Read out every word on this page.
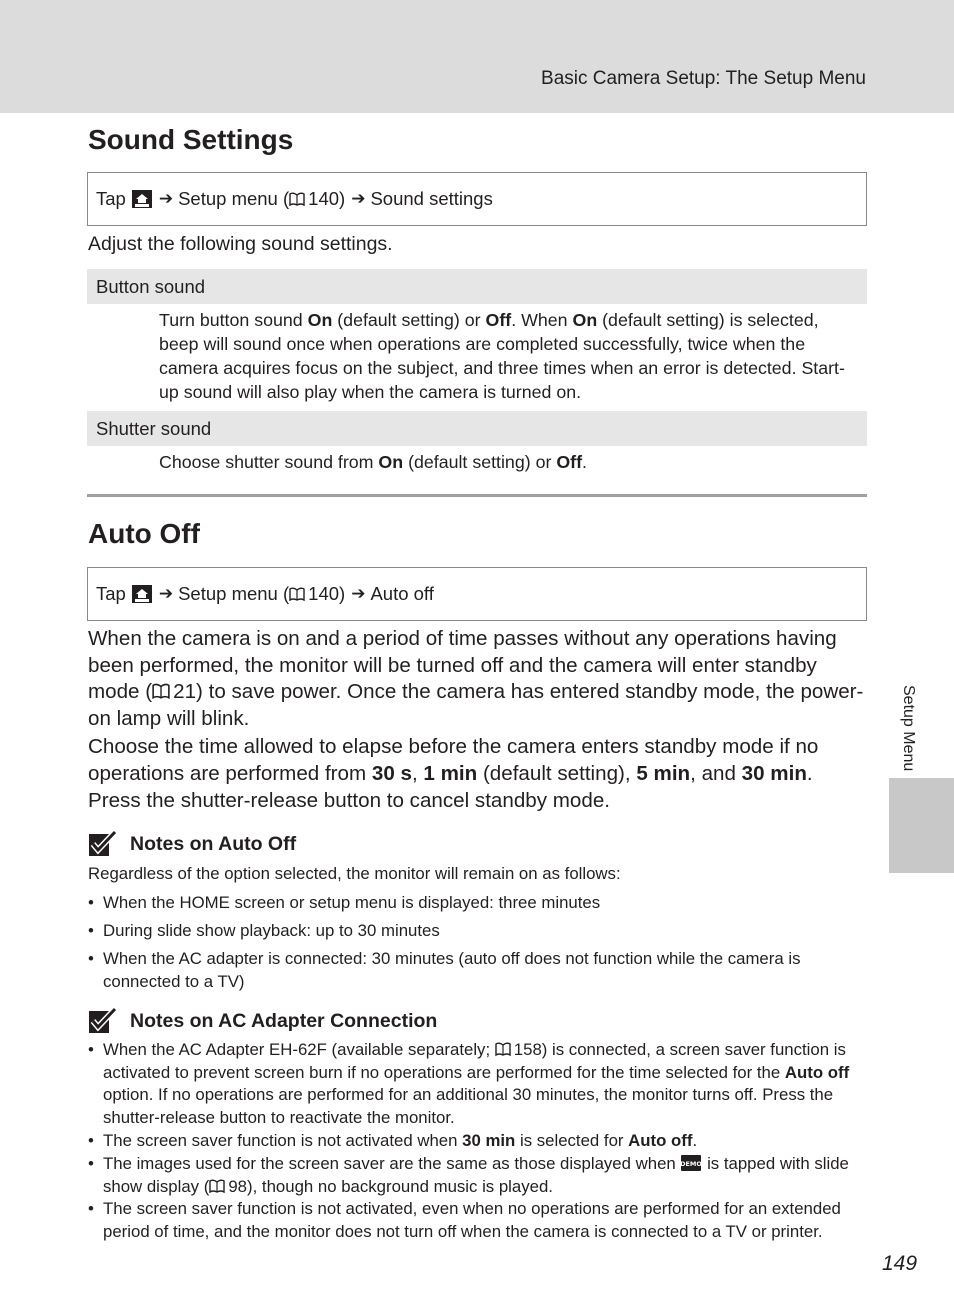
Basic Camera Setup: The Setup Menu
Sound Settings
Tap ➔ Setup menu ( 140) ➔ Sound settings
Adjust the following sound settings.
Button sound
Turn button sound On (default setting) or Off. When On (default setting) is selected, beep will sound once when operations are completed successfully, twice when the camera acquires focus on the subject, and three times when an error is detected. Start-up sound will also play when the camera is turned on.
Shutter sound
Choose shutter sound from On (default setting) or Off.
Auto Off
Tap ➔ Setup menu ( 140) ➔ Auto off
When the camera is on and a period of time passes without any operations having been performed, the monitor will be turned off and the camera will enter standby mode ( 21) to save power. Once the camera has entered standby mode, the power-on lamp will blink.
Choose the time allowed to elapse before the camera enters standby mode if no operations are performed from 30 s, 1 min (default setting), 5 min, and 30 min.
Press the shutter-release button to cancel standby mode.
Notes on Auto Off
Regardless of the option selected, the monitor will remain on as follows:
• When the HOME screen or setup menu is displayed: three minutes
• During slide show playback: up to 30 minutes
• When the AC adapter is connected: 30 minutes (auto off does not function while the camera is connected to a TV)
Notes on AC Adapter Connection
• When the AC Adapter EH-62F (available separately; 158) is connected, a screen saver function is activated to prevent screen burn if no operations are performed for the time selected for the Auto off option. If no operations are performed for an additional 30 minutes, the monitor turns off. Press the shutter-release button to reactivate the monitor.
• The screen saver function is not activated when 30 min is selected for Auto off.
• The images used for the screen saver are the same as those displayed when DEMO is tapped with slide show display ( 98), though no background music is played.
• The screen saver function is not activated, even when no operations are performed for an extended period of time, and the monitor does not turn off when the camera is connected to a TV or printer.
Setup Menu
149
